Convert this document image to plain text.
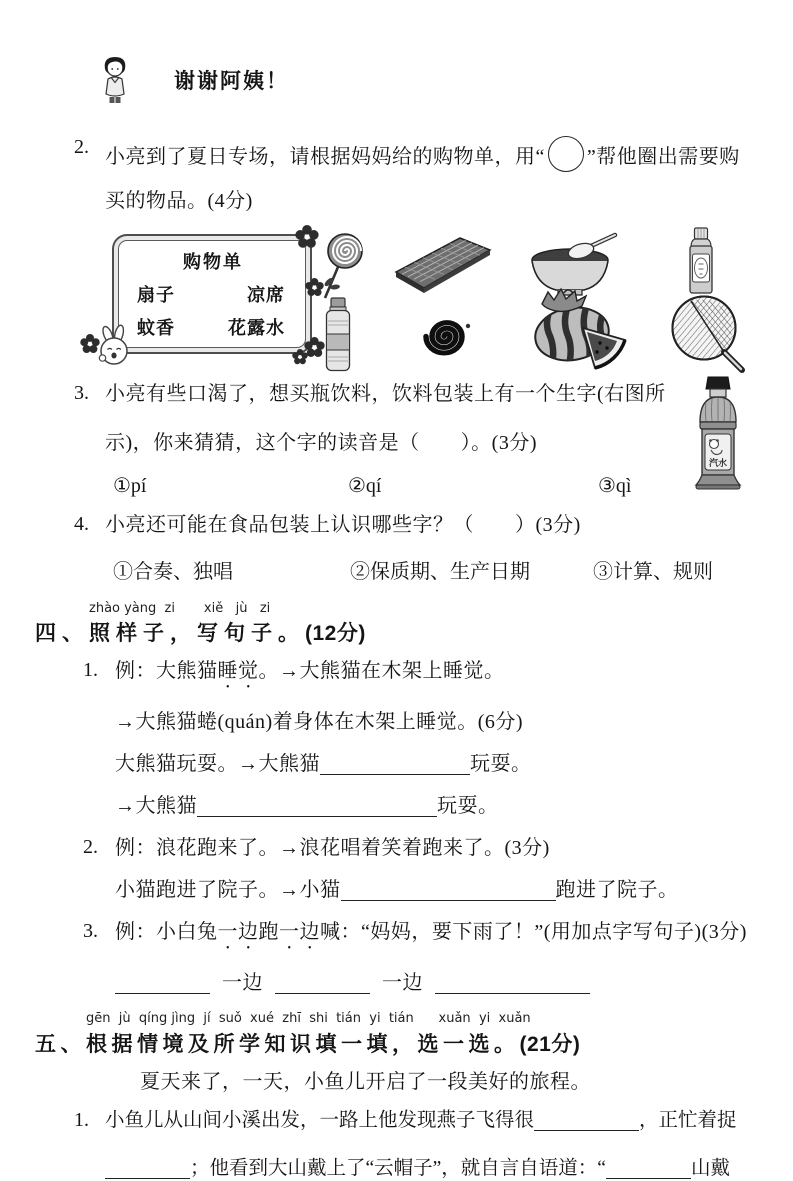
谢谢阿姨！
2. 小亮到了夏日专场，请根据妈妈给的购物单，用“ ”帮他圈出需要购
买的物品。(4分)
购物单
扇子	凉席
蚊香	花露水
3. 小亮有些口渴了，想买瓶饮料，饮料包装上有一个生字(右图所
示)，你来猜猜，这个字的读音是（　　）。(3分)
①pí	②qí	③qì
汽水
4. 小亮还可能在食品包装上认识哪些字？（　　）(3分)
①合奏、独唱	②保质期、生产日期	③计算、规则
zhào yàng  zi       xiě   jù   zi
四、照样子，写句子。(12分)
1. 例：大熊猫睡觉。→大熊猫在木架上睡觉。
→大熊猫蜷(quán)着身体在木架上睡觉。(6分)
大熊猫玩耍。→大熊猫	玩耍。
→大熊猫	玩耍。
2. 例：浪花跑来了。→浪花唱着笑着跑来了。(3分)
小猫跑进了院子。→小猫	跑进了院子。
3. 例：小白兔一边跑一边喊：“妈妈，要下雨了！”(用加点字写句子)(3分)
一边	一边
gēn  jù  qíng jìng  jí  suǒ  xué  zhī  shi  tián  yi  tián      xuǎn  yi  xuǎn
五、根据情境及所学知识填一填，选一选。(21分)
夏天来了，一天，小鱼儿开启了一段美好的旅程。
1. 小鱼儿从山间小溪出发，一路上他发现燕子飞得很	，正忙着捉
；他看到大山戴上了“云帽子”，就自言自语道：“	山戴
